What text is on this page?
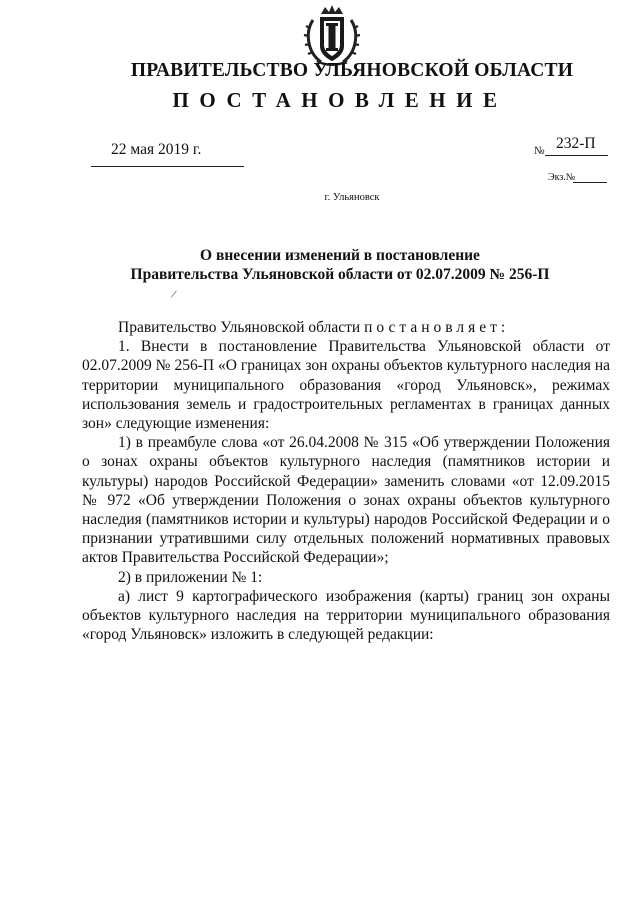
ПРАВИТЕЛЬСТВО УЛЬЯНОВСКОЙ ОБЛАСТИ
ПОСТАНОВЛЕНИЕ
22 мая 2019 г.	№ 232-П
Экз.№
г. Ульяновск
О внесении изменений в постановление
Правительства Ульяновской области от 02.07.2009 № 256-П
/

Правительство Ульяновской области постановляет:

1. Внести в постановление Правительства Ульяновской области от 02.07.2009 № 256-П «О границах зон охраны объектов культурного наследия на территории муниципального образования «город Ульяновск», режимах использования земель и градостроительных регламентах в границах данных зон» следующие изменения:

1) в преамбуле слова «от 26.04.2008 № 315 «Об утверждении Положения о зонах охраны объектов культурного наследия (памятников истории и культуры) народов Российской Федерации» заменить словами «от 12.09.2015 № 972 «Об утверждении Положения о зонах охраны объектов культурного наследия (памятников истории и культуры) народов Российской Федерации и о признании утратившими силу отдельных положений нормативных правовых актов Правительства Российской Федерации»;

2) в приложении № 1:

а) лист 9 картографического изображения (карты) границ зон охраны объектов культурного наследия на территории муниципального образования «город Ульяновск» изложить в следующей редакции:
